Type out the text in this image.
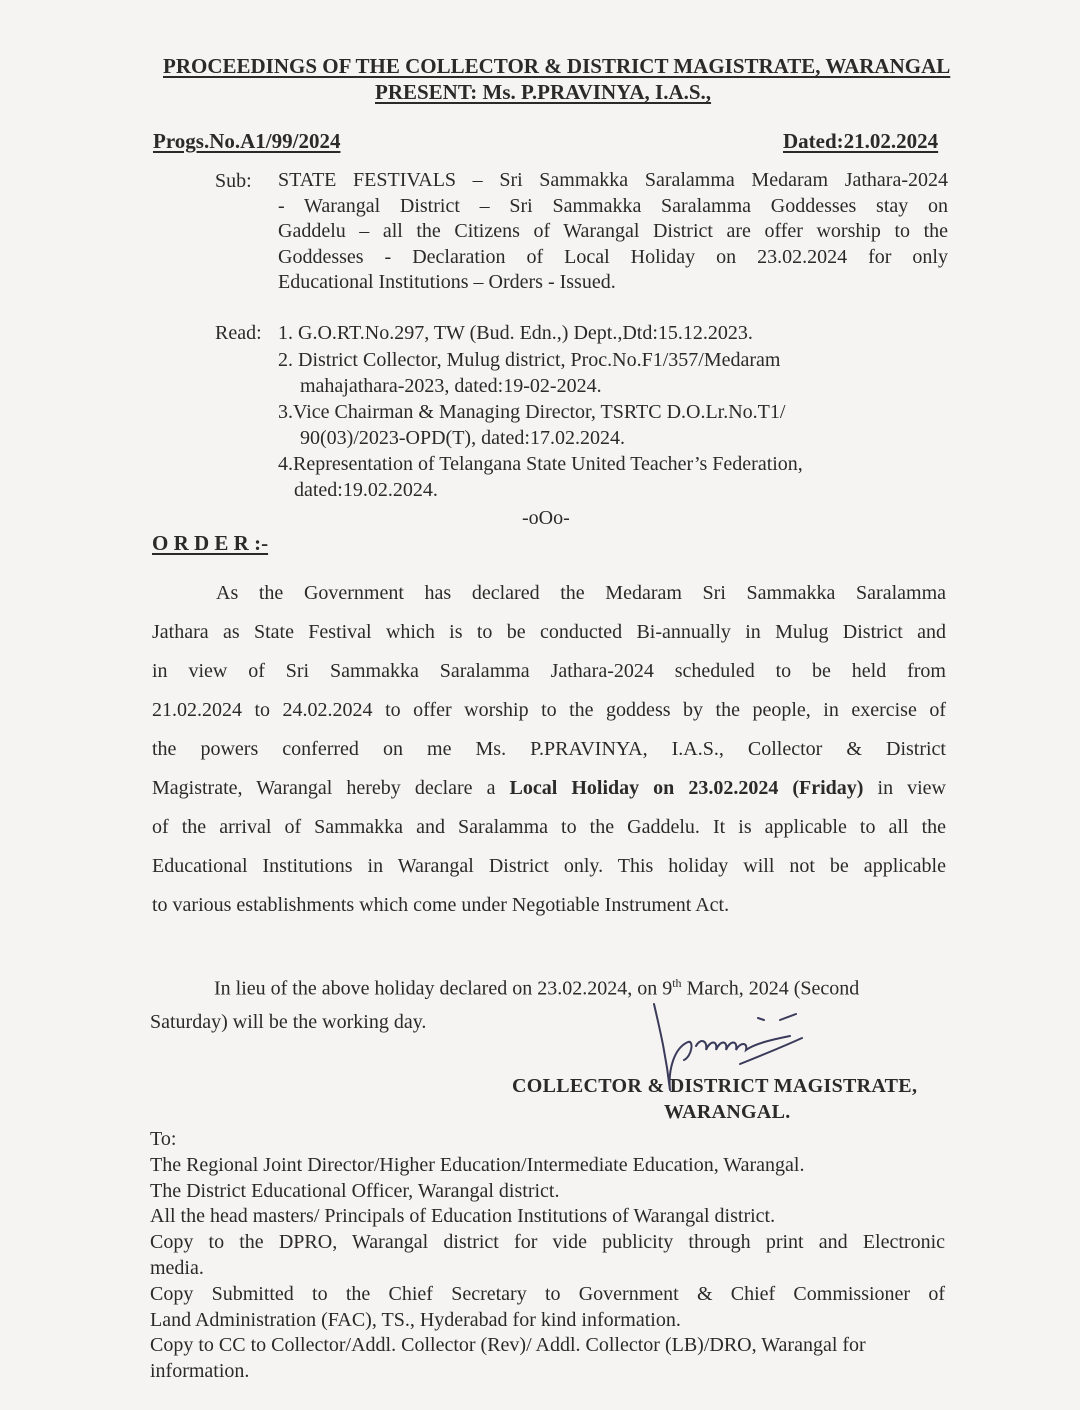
PROCEEDINGS OF THE COLLECTOR & DISTRICT MAGISTRATE, WARANGAL
PRESENT: Ms. P.PRAVINYA, I.A.S.,
Progs.No.A1/99/2024	Dated:21.02.2024
Sub: STATE FESTIVALS – Sri Sammakka Saralamma Medaram Jathara-2024
- Warangal District – Sri Sammakka Saralamma Goddesses stay on
Gaddelu – all the Citizens of Warangal District are offer worship to the
Goddesses - Declaration of Local Holiday on 23.02.2024 for only
Educational Institutions – Orders - Issued.
Read: 1. G.O.RT.No.297, TW (Bud. Edn.,) Dept.,Dtd:15.12.2023.
2. District Collector, Mulug district, Proc.No.F1/357/Medaram
mahajathara-2023, dated:19-02-2024.
3.Vice Chairman & Managing Director, TSRTC D.O.Lr.No.T1/
90(03)/2023-OPD(T), dated:17.02.2024.
4.Representation of Telangana State United Teacher’s Federation,
dated:19.02.2024.
-oOo-
O R D E R :-
As the Government has declared the Medaram Sri Sammakka Saralamma
Jathara as State Festival which is to be conducted Bi-annually in Mulug District and
in view of Sri Sammakka Saralamma Jathara-2024 scheduled to be held from
21.02.2024 to 24.02.2024 to offer worship to the goddess by the people, in exercise of
the powers conferred on me Ms. P.PRAVINYA, I.A.S., Collector & District
Magistrate, Warangal hereby declare a Local Holiday on 23.02.2024 (Friday) in view
of the arrival of Sammakka and Saralamma to the Gaddelu. It is applicable to all the
Educational Institutions in Warangal District only. This holiday will not be applicable
to various establishments which come under Negotiable Instrument Act.
In lieu of the above holiday declared on 23.02.2024, on 9th March, 2024 (Second
Saturday) will be the working day.
COLLECTOR & DISTRICT MAGISTRATE,
WARANGAL.
To:
The Regional Joint Director/Higher Education/Intermediate Education, Warangal.
The District Educational Officer, Warangal district.
All the head masters/ Principals of Education Institutions of Warangal district.
Copy to the DPRO, Warangal district for vide publicity through print and Electronic
media.
Copy Submitted to the Chief Secretary to Government & Chief Commissioner of
Land Administration (FAC), TS., Hyderabad for kind information.
Copy to CC to Collector/Addl. Collector (Rev)/ Addl. Collector (LB)/DRO, Warangal for
information.
